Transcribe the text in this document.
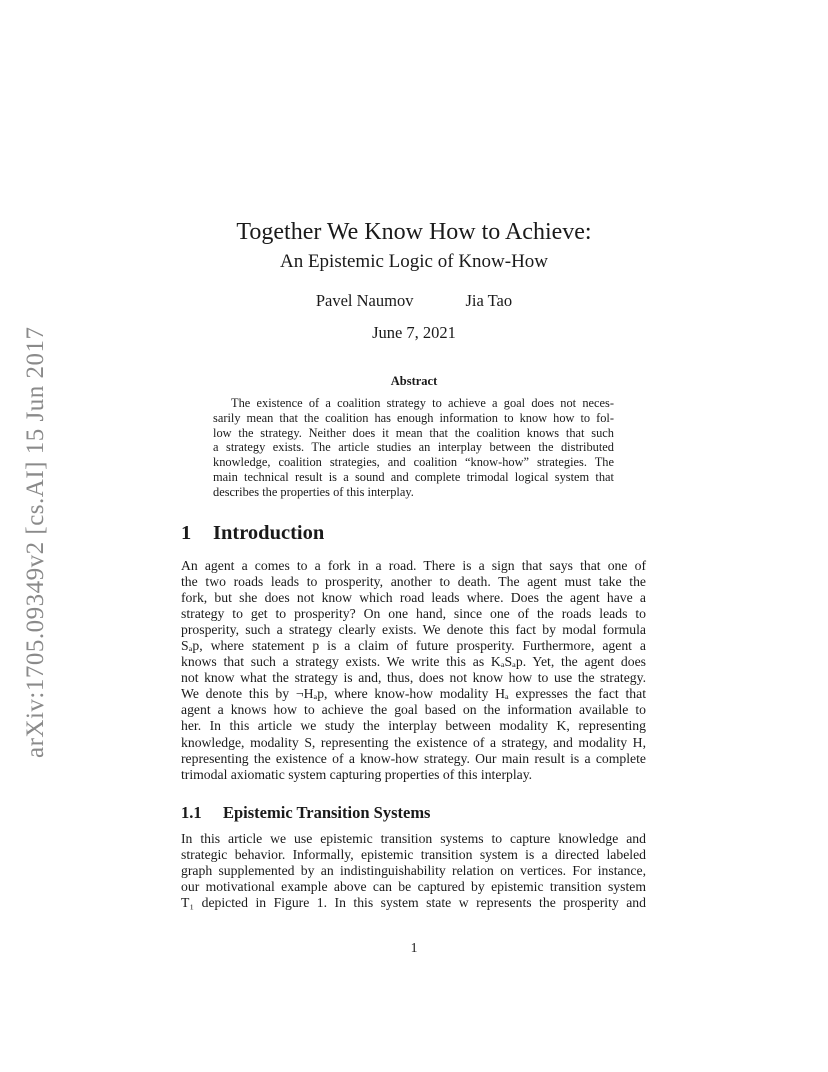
arXiv:1705.09349v2 [cs.AI] 15 Jun 2017
Together We Know How to Achieve:
An Epistemic Logic of Know-How
Pavel Naumov	Jia Tao
June 7, 2021
Abstract
The existence of a coalition strategy to achieve a goal does not neces-
sarily mean that the coalition has enough information to know how to fol-
low the strategy. Neither does it mean that the coalition knows that such
a strategy exists. The article studies an interplay between the distributed
knowledge, coalition strategies, and coalition “know-how” strategies. The
main technical result is a sound and complete trimodal logical system that
describes the properties of this interplay.
1 Introduction
An agent a comes to a fork in a road. There is a sign that says that one of
the two roads leads to prosperity, another to death. The agent must take the
fork, but she does not know which road leads where. Does the agent have a
strategy to get to prosperity? On one hand, since one of the roads leads to
prosperity, such a strategy clearly exists. We denote this fact by modal formula
Sₐp, where statement p is a claim of future prosperity. Furthermore, agent a
knows that such a strategy exists. We write this as KₐSₐp. Yet, the agent does
not know what the strategy is and, thus, does not know how to use the strategy.
We denote this by ¬Hₐp, where know-how modality Hₐ expresses the fact that
agent a knows how to achieve the goal based on the information available to
her. In this article we study the interplay between modality K, representing
knowledge, modality S, representing the existence of a strategy, and modality H,
representing the existence of a know-how strategy. Our main result is a complete
trimodal axiomatic system capturing properties of this interplay.
1.1 Epistemic Transition Systems
In this article we use epistemic transition systems to capture knowledge and
strategic behavior. Informally, epistemic transition system is a directed labeled
graph supplemented by an indistinguishability relation on vertices. For instance,
our motivational example above can be captured by epistemic transition system
T₁ depicted in Figure 1. In this system state w represents the prosperity and
1
